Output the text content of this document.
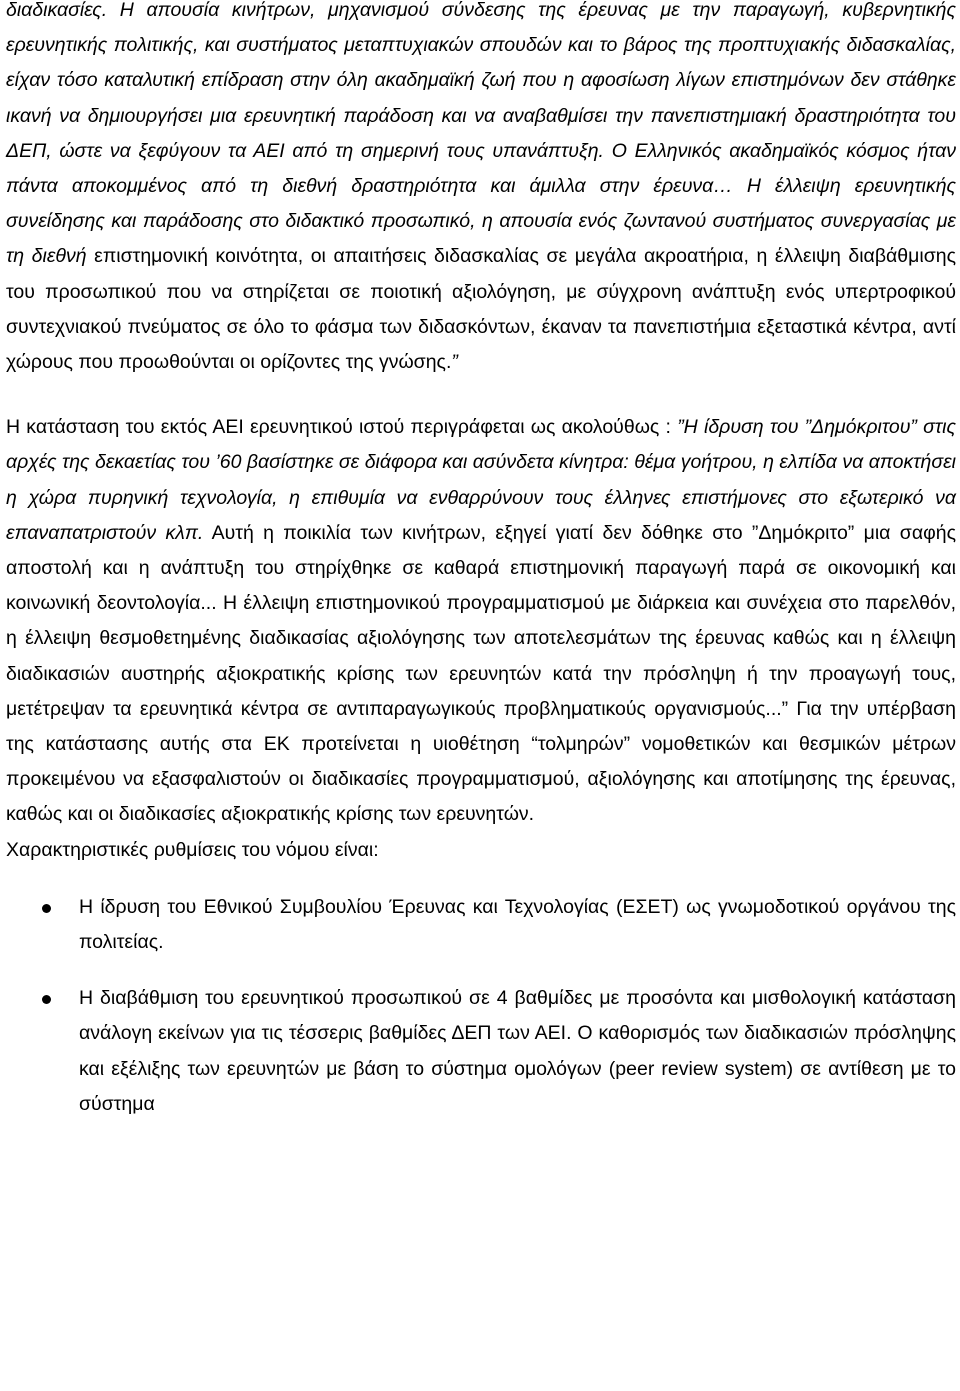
διαδικασίες. Η απουσία κινήτρων, μηχανισμού σύνδεσης της έρευνας με την παραγωγή, κυβερνητικής ερευνητικής πολιτικής, και συστήματος μεταπτυχιακών σπουδών και το βάρος της προπτυχιακής διδασκαλίας, είχαν τόσο καταλυτική επίδραση στην όλη ακαδημαϊκή ζωή που η αφοσίωση λίγων επιστημόνων δεν στάθηκε ικανή να δημιουργήσει μια ερευνητική παράδοση και να αναβαθμίσει την πανεπιστημιακή δραστηριότητα του ΔΕΠ, ώστε να ξεφύγουν τα ΑΕΙ από τη σημερινή τους υπανάπτυξη. Ο Ελληνικός ακαδημαϊκός κόσμος ήταν πάντα αποκομμένος από τη διεθνή δραστηριότητα και άμιλλα στην έρευνα… Η έλλειψη ερευνητικής συνείδησης και παράδοσης στο διδακτικό προσωπικό, η απουσία ενός ζωντανού συστήματος συνεργασίας με τη διεθνή επιστημονική κοινότητα, οι απαιτήσεις διδασκαλίας σε μεγάλα ακροατήρια, η έλλειψη διαβάθμισης του προσωπικού που να στηρίζεται σε ποιοτική αξιολόγηση, με σύγχρονη ανάπτυξη ενός υπερτροφικού συντεχνιακού πνεύματος σε όλο το φάσμα των διδασκόντων, έκαναν τα πανεπιστήμια εξεταστικά κέντρα, αντί χώρους που προωθούνται οι ορίζοντες της γνώσης.”

Η κατάσταση του εκτός ΑΕΙ ερευνητικού ιστού περιγράφεται ως ακολούθως : ”Η ίδρυση του ”Δημόκριτου” στις αρχές της δεκαετίας του ’60 βασίστηκε σε διάφορα και ασύνδετα κίνητρα: θέμα γοήτρου, η ελπίδα να αποκτήσει η χώρα πυρηνική τεχνολογία, η επιθυμία να ενθαρρύνουν τους έλληνες επιστήμονες στο εξωτερικό να επαναπατριστούν κλπ. Αυτή η ποικιλία των κινήτρων, εξηγεί γιατί δεν δόθηκε στο ”Δημόκριτο” μια σαφής αποστολή και η ανάπτυξη του στηρίχθηκε σε καθαρά επιστημονική παραγωγή παρά σε οικονομική και κοινωνική δεοντολογία... Η έλλειψη επιστημονικού προγραμματισμού με διάρκεια και συνέχεια στο παρελθόν, η έλλειψη θεσμοθετημένης διαδικασίας αξιολόγησης των αποτελεσμάτων της έρευνας καθώς και η έλλειψη διαδικασιών αυστηρής αξιοκρατικής κρίσης των ερευνητών κατά την πρόσληψη ή την προαγωγή τους, μετέτρεψαν τα ερευνητικά κέντρα σε αντιπαραγωγικούς προβληματικούς οργανισμούς...” Για την υπέρβαση της κατάστασης αυτής στα ΕΚ προτείνεται η υιοθέτηση “τολμηρών” νομοθετικών και θεσμικών μέτρων προκειμένου να εξασφαλιστούν οι διαδικασίες προγραμματισμού, αξιολόγησης και αποτίμησης της έρευνας, καθώς και οι διαδικασίες αξιοκρατικής κρίσης των ερευνητών.

Χαρακτηριστικές ρυθμίσεις του νόμου είναι:

Η ίδρυση του Εθνικού Συμβουλίου Έρευνας και Τεχνολογίας (ΕΣΕΤ) ως γνωμοδοτικού οργάνου της πολιτείας.

Η διαβάθμιση του ερευνητικού προσωπικού σε 4 βαθμίδες με προσόντα και μισθολογική κατάσταση ανάλογη εκείνων για τις τέσσερις βαθμίδες ΔΕΠ των ΑΕΙ. Ο καθορισμός των διαδικασιών πρόσληψης και εξέλιξης των ερευνητών με βάση το σύστημα ομολόγων (peer review system) σε αντίθεση με το σύστημα
